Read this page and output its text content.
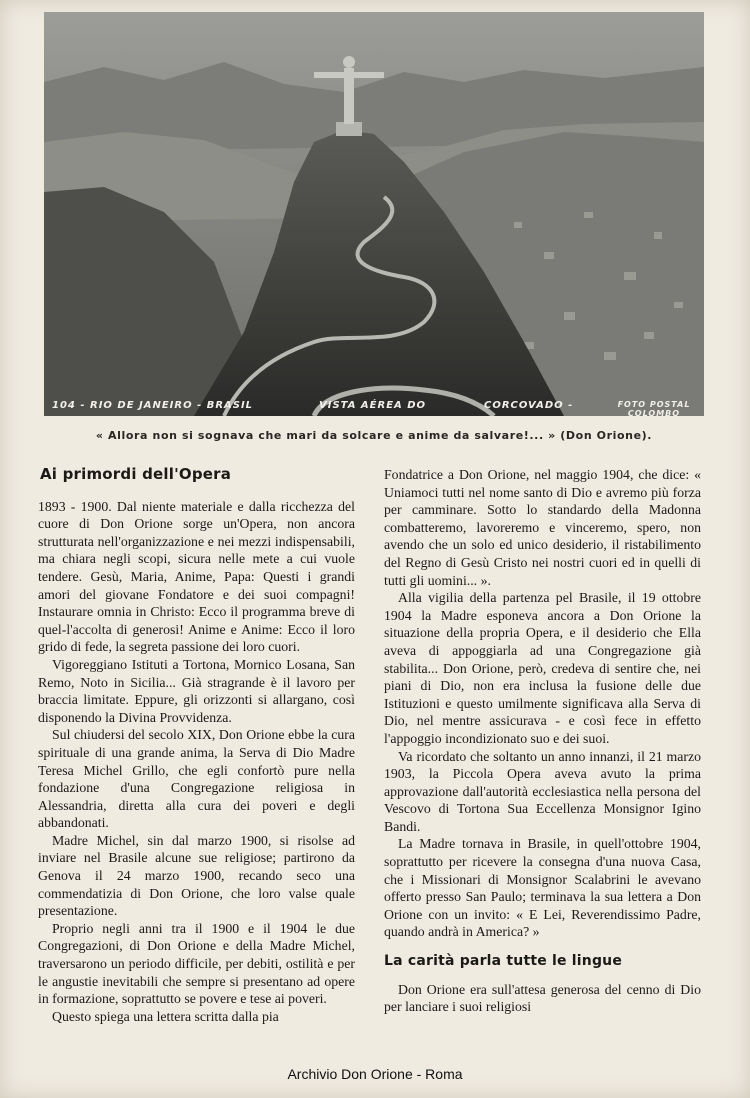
104 - RIO DE JANEIRO - BRASIL	VISTA AÉREA DO	CORCOVADO -	FOTO POSTAL COLOMBO
« Allora non si sognava che mari da solcare e anime da salvare!... » (Don Orione).
Ai primordi dell'Opera

1893 - 1900. Dal niente materiale e dalla ricchezza del cuore di Don Orione sorge un'Opera, non ancora strutturata nell'organizzazione e nei mezzi indispensabili, ma chiara negli scopi, sicura nelle mete a cui vuole tendere. Gesù, Maria, Anime, Papa: Questi i grandi amori del giovane Fondatore e dei suoi compagni! Instaurare omnia in Christo: Ecco il programma breve di quel-l'accolta di generosi! Anime e Anime: Ecco il loro grido di fede, la segreta passione dei loro cuori.

Vigoreggiano Istituti a Tortona, Mornico Losana, San Remo, Noto in Sicilia... Già stragrande è il lavoro per braccia limitate. Eppure, gli orizzonti si allargano, così disponendo la Divina Provvidenza.

Sul chiudersi del secolo XIX, Don Orione ebbe la cura spirituale di una grande anima, la Serva di Dio Madre Teresa Michel Grillo, che egli confortò pure nella fondazione d'una Congregazione religiosa in Alessandria, diretta alla cura dei poveri e degli abbandonati.

Madre Michel, sin dal marzo 1900, si risolse ad inviare nel Brasile alcune sue religiose; partirono da Genova il 24 marzo 1900, recando seco una commendatizia di Don Orione, che loro valse quale presentazione.

Proprio negli anni tra il 1900 e il 1904 le due Congregazioni, di Don Orione e della Madre Michel, traversarono un periodo difficile, per debiti, ostilità e per le angustie inevitabili che sempre si presentano ad opere in formazione, soprattutto se povere e tese ai poveri.

Questo spiega una lettera scritta dalla pia

Fondatrice a Don Orione, nel maggio 1904, che dice: « Uniamoci tutti nel nome santo di Dio e avremo più forza per camminare. Sotto lo standardo della Madonna combatteremo, lavoreremo e vinceremo, spero, non avendo che un solo ed unico desiderio, il ristabilimento del Regno di Gesù Cristo nei nostri cuori ed in quelli di tutti gli uomini... ».

Alla vigilia della partenza pel Brasile, il 19 ottobre 1904 la Madre esponeva ancora a Don Orione la situazione della propria Opera, e il desiderio che Ella aveva di appoggiarla ad una Congregazione già stabilita... Don Orione, però, credeva di sentire che, nei piani di Dio, non era inclusa la fusione delle due Istituzioni e questo umilmente significava alla Serva di Dio, nel mentre assicurava - e così fece in effetto l'appoggio incondizionato suo e dei suoi.

Va ricordato che soltanto un anno innanzi, il 21 marzo 1903, la Piccola Opera aveva avuto la prima approvazione dall'autorità ecclesiastica nella persona del Vescovo di Tortona Sua Eccellenza Monsignor Igino Bandi.

La Madre tornava in Brasile, in quell'ottobre 1904, soprattutto per ricevere la consegna d'una nuova Casa, che i Missionari di Monsignor Scalabrini le avevano offerto presso San Paulo; terminava la sua lettera a Don Orione con un invito: « E Lei, Reverendissimo Padre, quando andrà in America? »

La carità parla tutte le lingue

Don Orione era sull'attesa generosa del cenno di Dio per lanciare i suoi religiosi

Archivio Don Orione - Roma
